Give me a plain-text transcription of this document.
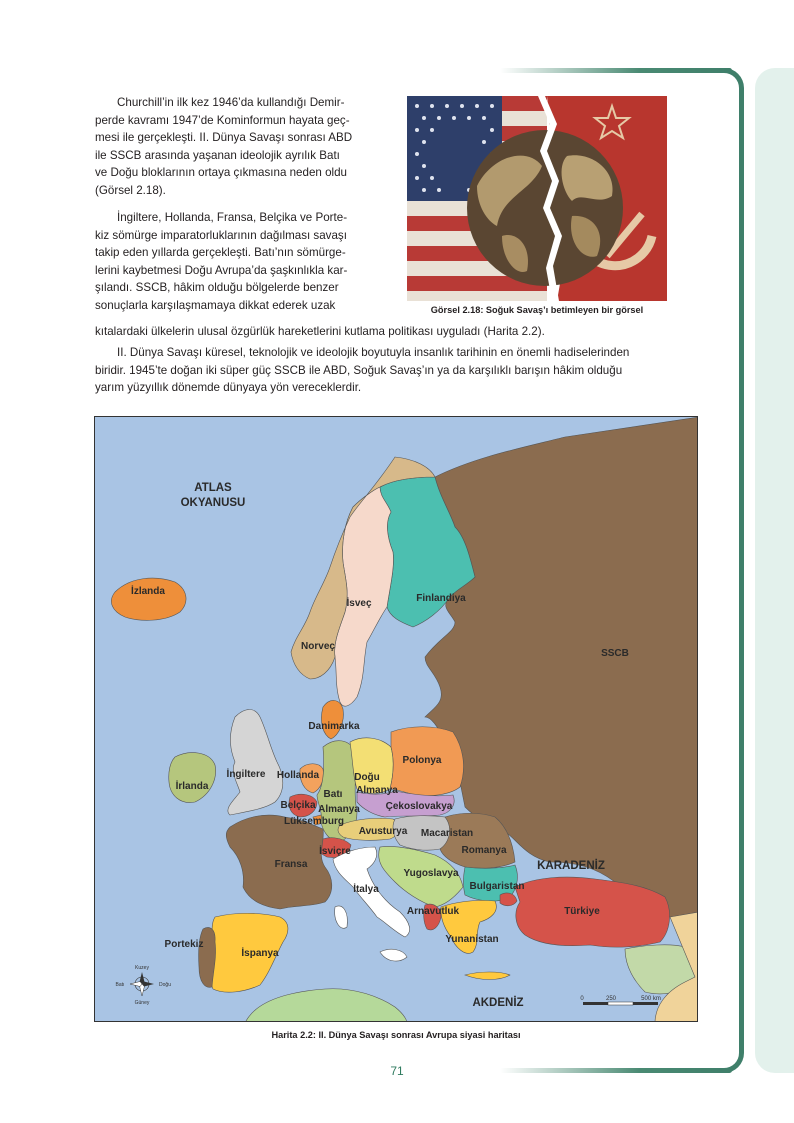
Churchill’in ilk kez 1946’da kullandığı Demir-
perde kavramı 1947’de Kominformun hayata geç-
mesi ile gerçekleşti. II. Dünya Savaşı sonrası ABD
ile SSCB arasında yaşanan ideolojik ayrılık Batı
ve Doğu bloklarının ortaya çıkmasına neden oldu
(Görsel 2.18).
İngiltere, Hollanda, Fransa, Belçika ve Porte-
kiz sömürge imparatorluklarının dağılması savaşı
takip eden yıllarda gerçekleşti. Batı’nın sömürge-
lerini kaybetmesi Doğu Avrupa’da şaşkınlıkla kar-
şılandı. SSCB, hâkim olduğu bölgelerde benzer
sonuçlarla karşılaşmamaya dikkat ederek uzak
kıtalardaki ülkelerin ulusal özgürlük hareketlerini kutlama politikası uyguladı (Harita 2.2).
II. Dünya Savaşı küresel, teknolojik ve ideolojik boyutuyla insanlık tarihinin en önemli hadiselerinden
biridir. 1945’te doğan iki süper güç SSCB ile ABD, Soğuk Savaş’ın ya da karşılıklı barışın hâkim olduğu
yarım yüzyıllık dönemde dünyaya yön vereceklerdir.
Görsel 2.18: Soğuk Savaş’ı betimleyen bir görsel
ATLAS
OKYANUSU
KARADENİZ
AKDENİZ
İzlanda
İsveç	Finlandiya
Norveç
SSCB
Danimarka
İrlanda
İngiltere Hollanda
Polonya
Doğu
Almanya
Batı
Almanya
Belçika
Lüksemburg
Çekoslovakya
Avusturya Macaristan
Romanya
İsviçre
Fransa
Yugoslavya
Bulgaristan
İtalya
Arnavutluk	Türkiye
Yunanistan
Portekiz
İspanya
Kuzey
Güney
Batı	Doğu
0	250	500 km
Harita 2.2: II. Dünya Savaşı sonrası Avrupa siyasi haritası
71
